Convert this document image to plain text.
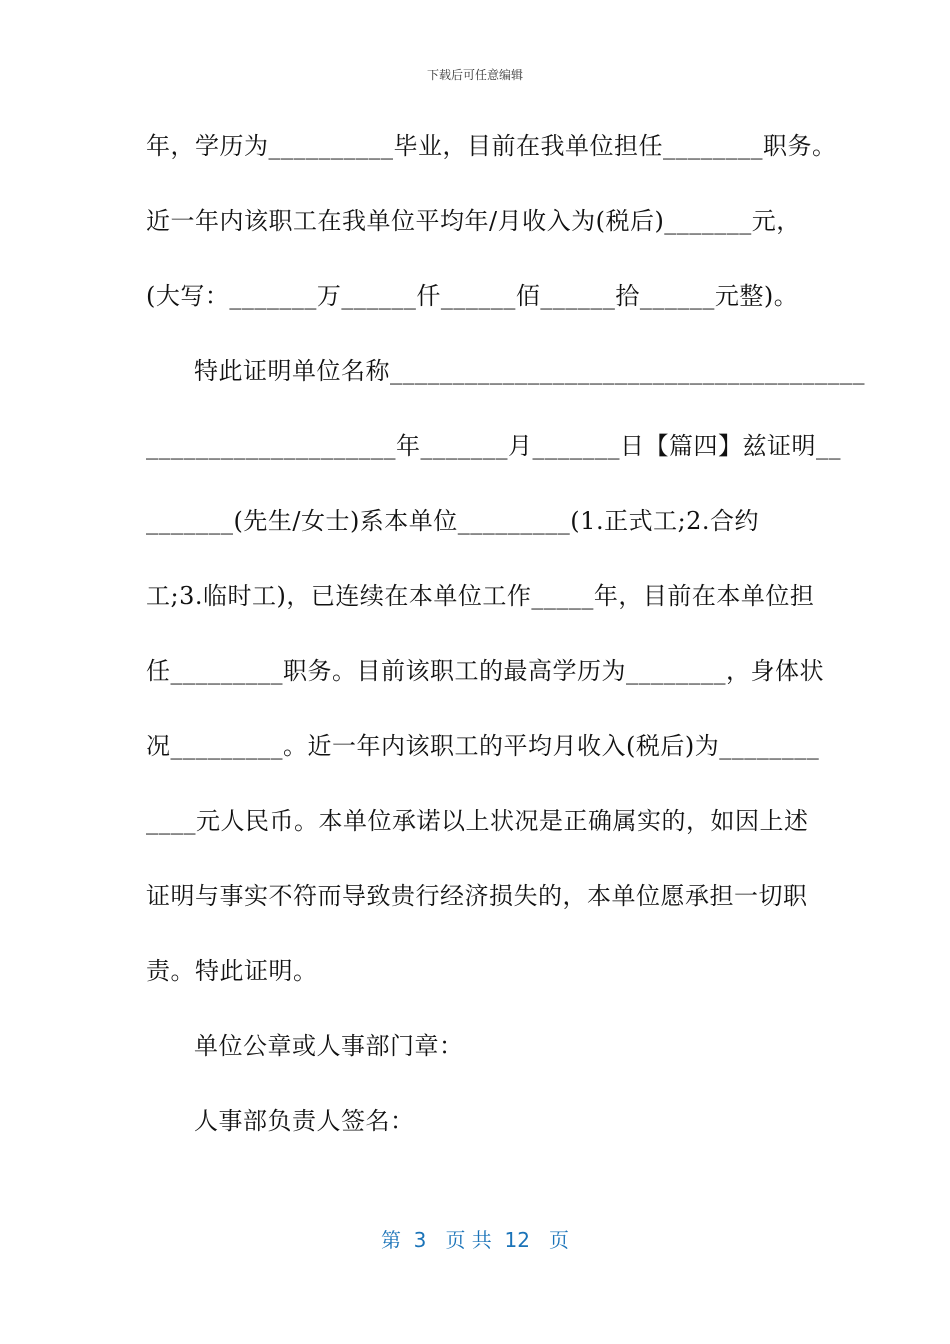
下载后可任意编辑
年，学历为__________毕业，目前在我单位担任________职务。
近一年内该职工在我单位平均年/月收入为(税后)_______元，
(大写：_______万______仟______佰______拾______元整)。
特此证明单位名称______________________________________
____________________年_______月_______日【篇四】兹证明__
_______(先生/女士)系本单位_________(1.正式工;2.合约
工;3.临时工)，已连续在本单位工作_____年，目前在本单位担
任_________职务。目前该职工的最高学历为________，身体状
况_________。近一年内该职工的平均月收入(税后)为________
____元人民币。本单位承诺以上状况是正确属实的，如因上述
证明与事实不符而导致贵行经济损失的，本单位愿承担一切职
责。特此证明。
单位公章或人事部门章：
人事部负责人签名：
第  3   页 共  12   页
